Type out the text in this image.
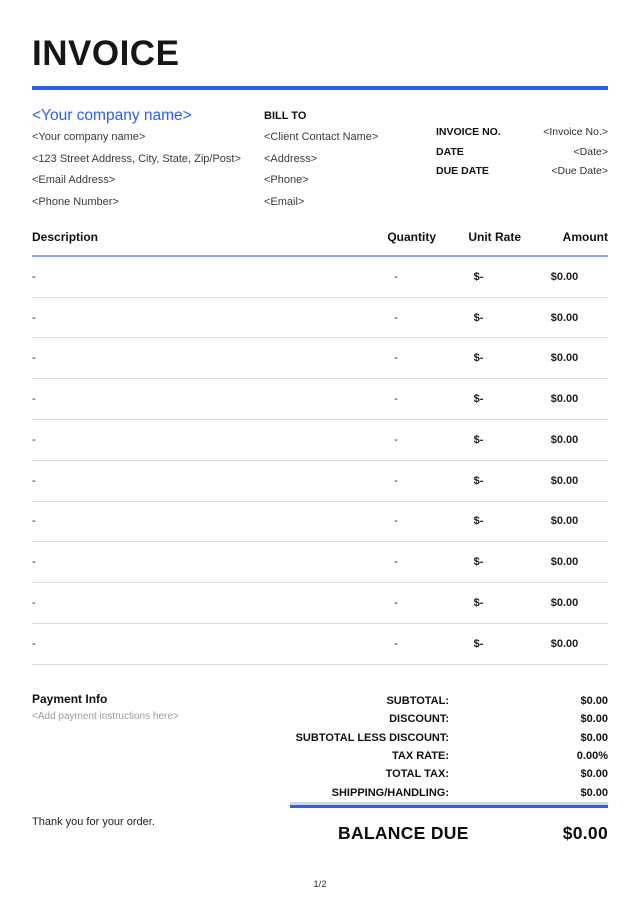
INVOICE
<Your company name>
<Your company name>
<123 Street Address, City, State, Zip/Post>
<Email Address>
<Phone Number>
BILL TO
<Client Contact Name>
<Address>
<Phone>
<Email>
INVOICE NO.	<Invoice No.>
DATE	<Date>
DUE DATE	<Due Date>
Description	Quantity	Unit Rate	Amount
-	-	$-	$0.00
-	-	$-	$0.00
-	-	$-	$0.00
-	-	$-	$0.00
-	-	$-	$0.00
-	-	$-	$0.00
-	-	$-	$0.00
-	-	$-	$0.00
-	-	$-	$0.00
-	-	$-	$0.00
Payment Info
<Add payment instructions here>
SUBTOTAL:	$0.00
DISCOUNT:	$0.00
SUBTOTAL LESS DISCOUNT:	$0.00
TAX RATE:	0.00%
TOTAL TAX:	$0.00
SHIPPING/HANDLING:	$0.00
Thank you for your order.
BALANCE DUE	$0.00
1/2
